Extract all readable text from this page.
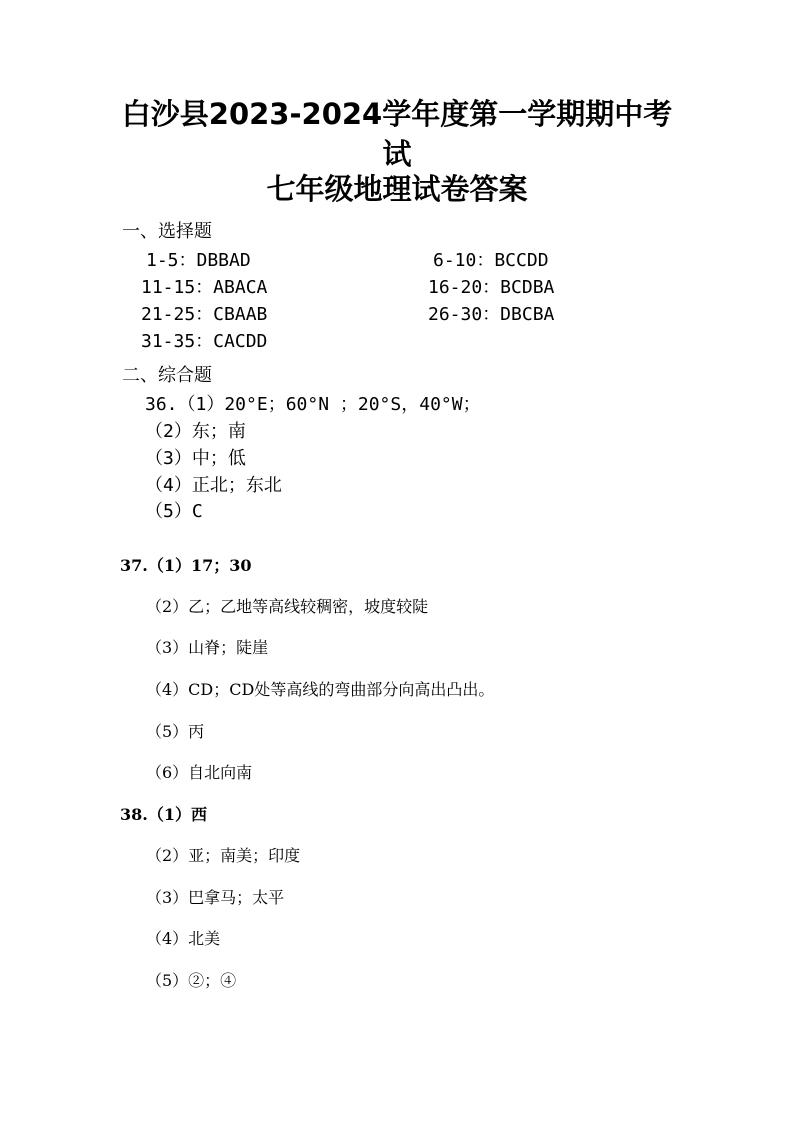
白沙县2023-2024学年度第一学期期中考
试
七年级地理试卷答案
一、选择题
1-5：DBBAD	6-10：BCCDD
11-15：ABACA	16-20：BCDBA
21-25：CBAAB	26-30：DBCBA
31-35：CACDD
二、综合题
36.（1）20°E；60°N ；20°S，40°W；
（2）东；南
（3）中；低
（4）正北；东北
（5）C
37.（1）17；30
（2）乙；乙地等高线较稠密，坡度较陡
（3）山脊；陡崖
（4）CD；CD处等高线的弯曲部分向高出凸出。
（5）丙
（6）自北向南
38.（1）西
（2）亚；南美；印度
（3）巴拿马；太平
（4）北美
（5）②；④
